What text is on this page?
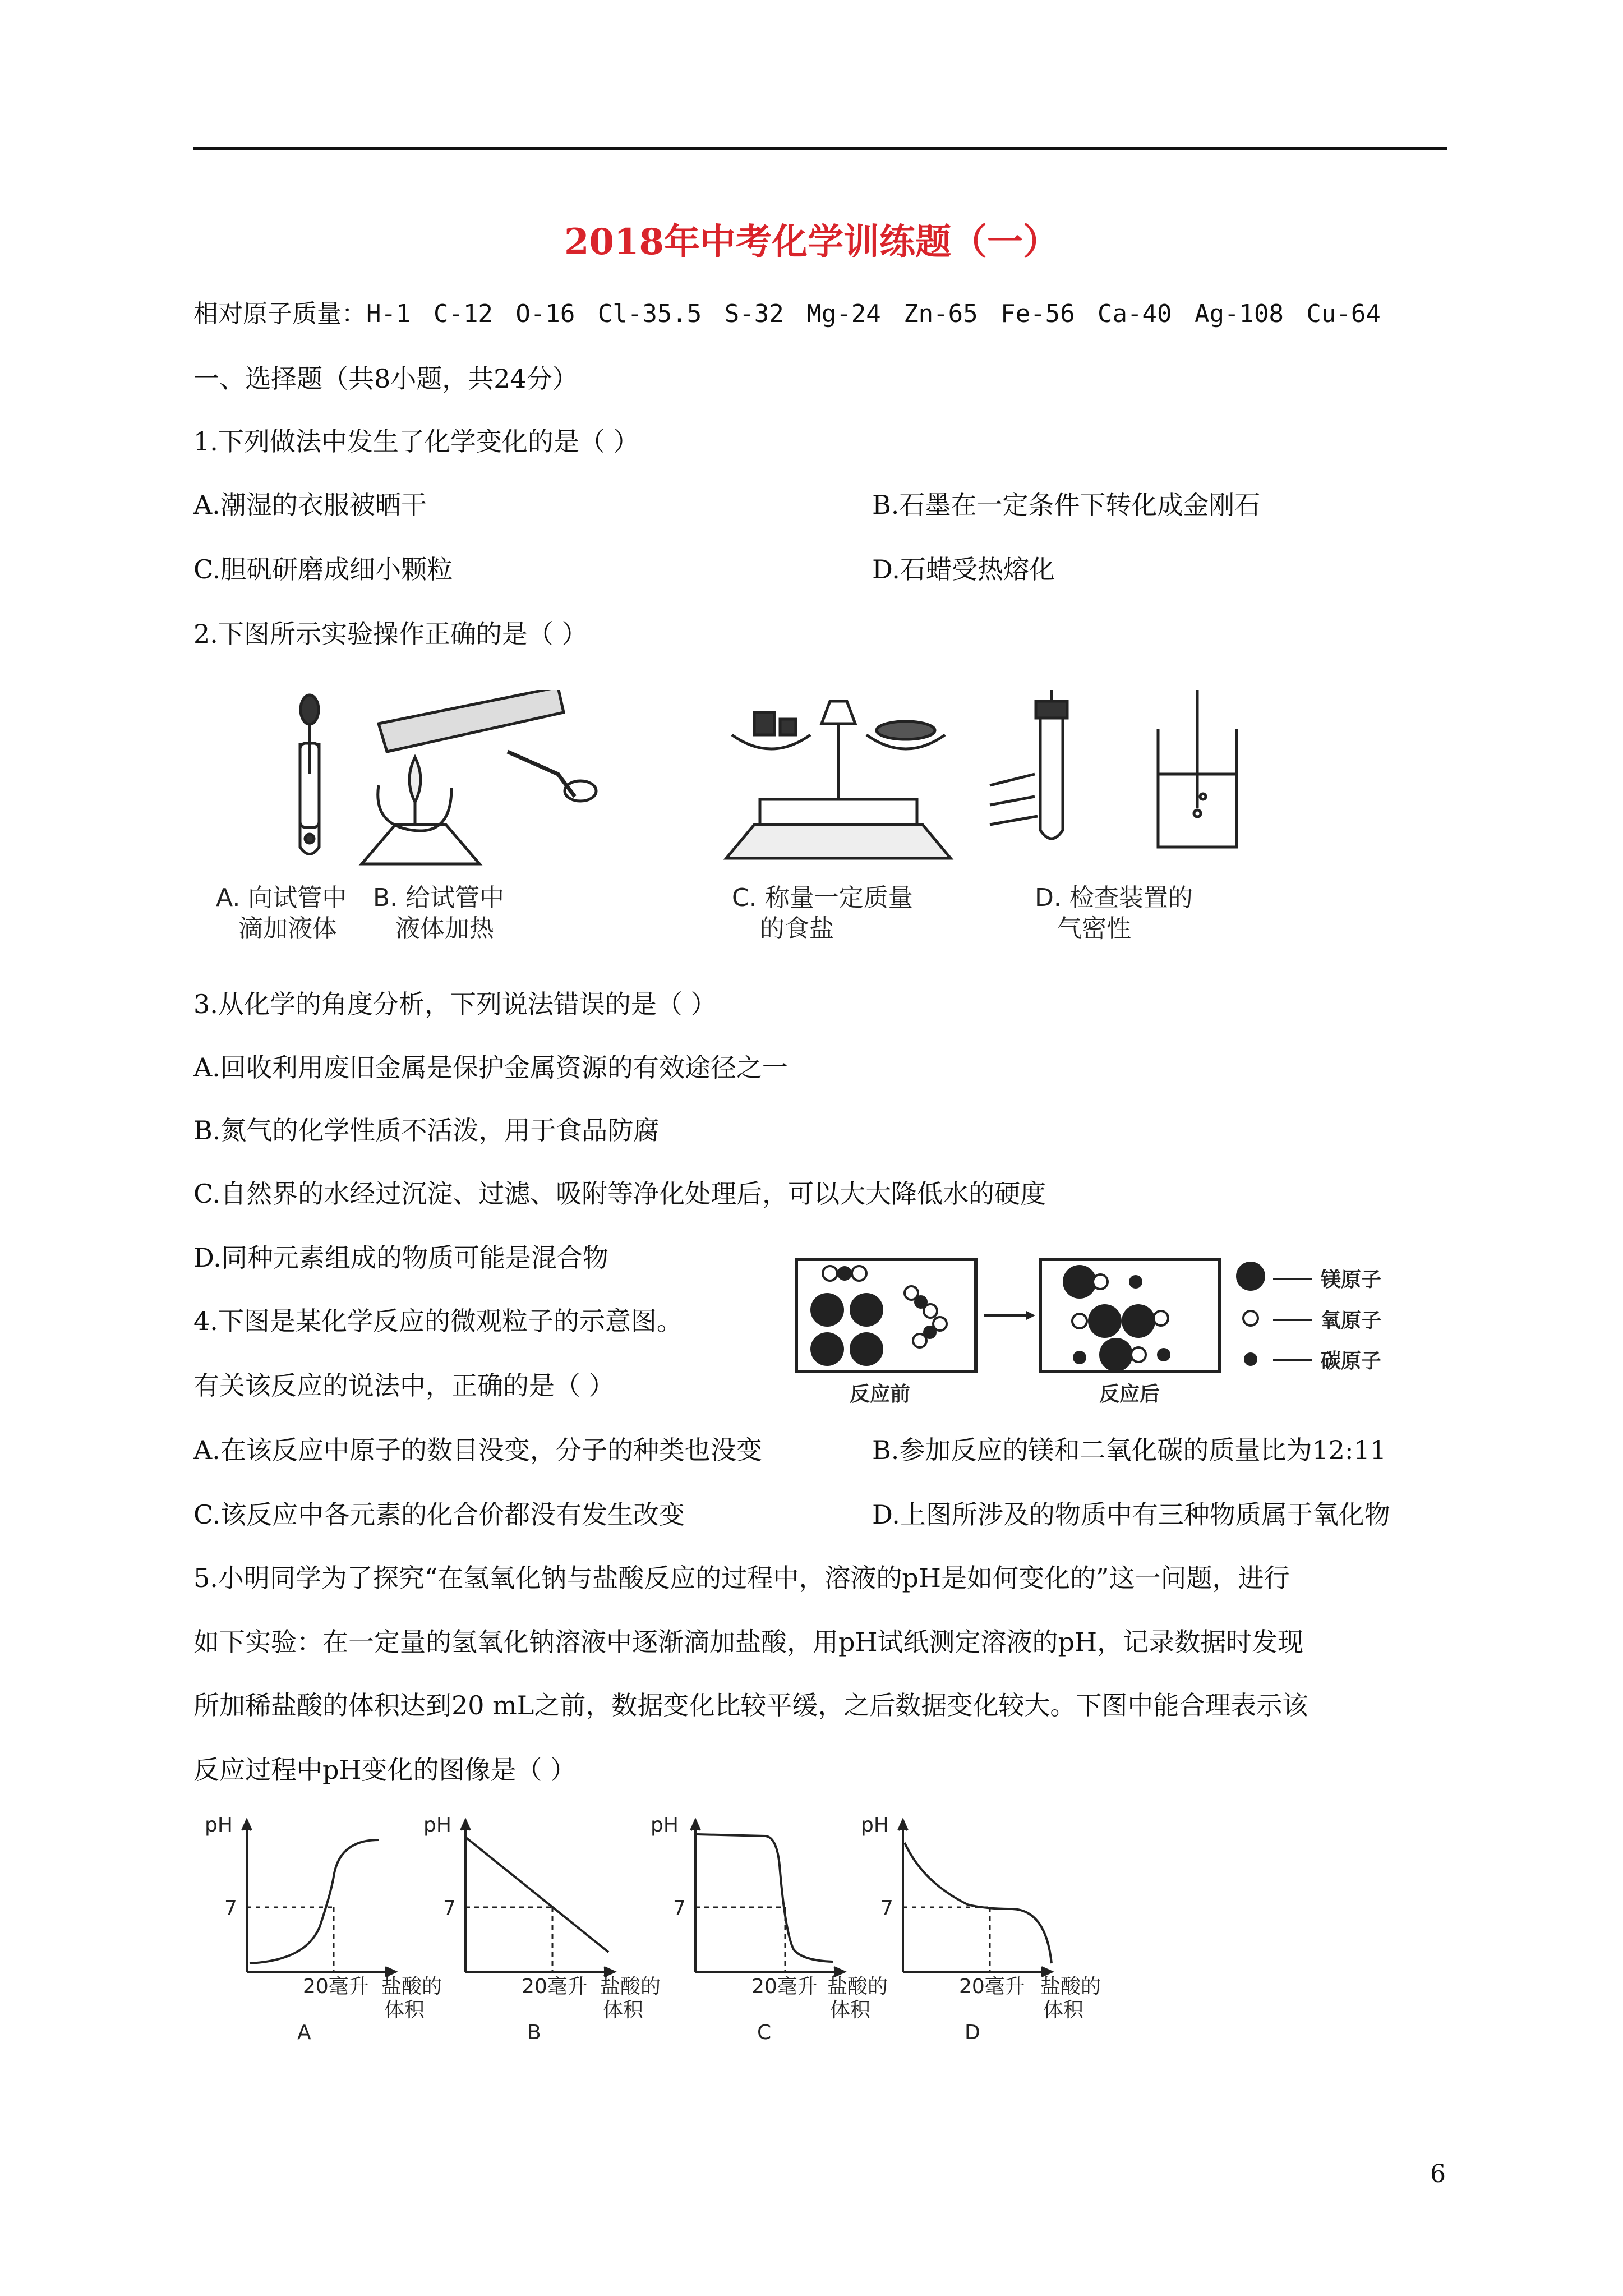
2018年中考化学训练题（一）
相对原子质量：H-1 C-12 O-16 Cl-35.5 S-32 Mg-24 Zn-65 Fe-56 Ca-40 Ag-108 Cu-64
一、选择题（共8小题，共24分）
1.下列做法中发生了化学变化的是（ ）
A.潮湿的衣服被晒干	B.石墨在一定条件下转化成金刚石
C.胆矾研磨成细小颗粒	D.石蜡受热熔化
2.下图所示实验操作正确的是（ ）
A. 向试管中
滴加液体
B. 给试管中
液体加热
C. 称量一定质量
的食盐
D. 检查装置的
气密性
3.从化学的角度分析，下列说法错误的是（ ）
A.回收利用废旧金属是保护金属资源的有效途径之一
B.氮气的化学性质不活泼，用于食品防腐
C.自然界的水经过沉淀、过滤、吸附等净化处理后，可以大大降低水的硬度
D.同种元素组成的物质可能是混合物
4.下图是某化学反应的微观粒子的示意图。
有关该反应的说法中，正确的是（ ）	反应前	反应后
镁原子
氧原子
碳原子
A.在该反应中原子的数目没变，分子的种类也没变	B.参加反应的镁和二氧化碳的质量比为12:11
C.该反应中各元素的化合价都没有发生改变	D.上图所涉及的物质中有三种物质属于氧化物
5.小明同学为了探究“在氢氧化钠与盐酸反应的过程中，溶液的pH是如何变化的”这一问题，进行
如下实验：在一定量的氢氧化钠溶液中逐渐滴加盐酸，用pH试纸测定溶液的pH，记录数据时发现
所加稀盐酸的体积达到20 mL之前，数据变化比较平缓，之后数据变化较大。下图中能合理表示该
反应过程中pH变化的图像是（ ）
pH
7
20毫升 盐酸的
体积
A
pH
7
20毫升 盐酸的
体积
B
pH
7
20毫升 盐酸的
体积
C
pH
7
20毫升 盐酸的
体积
D
6
